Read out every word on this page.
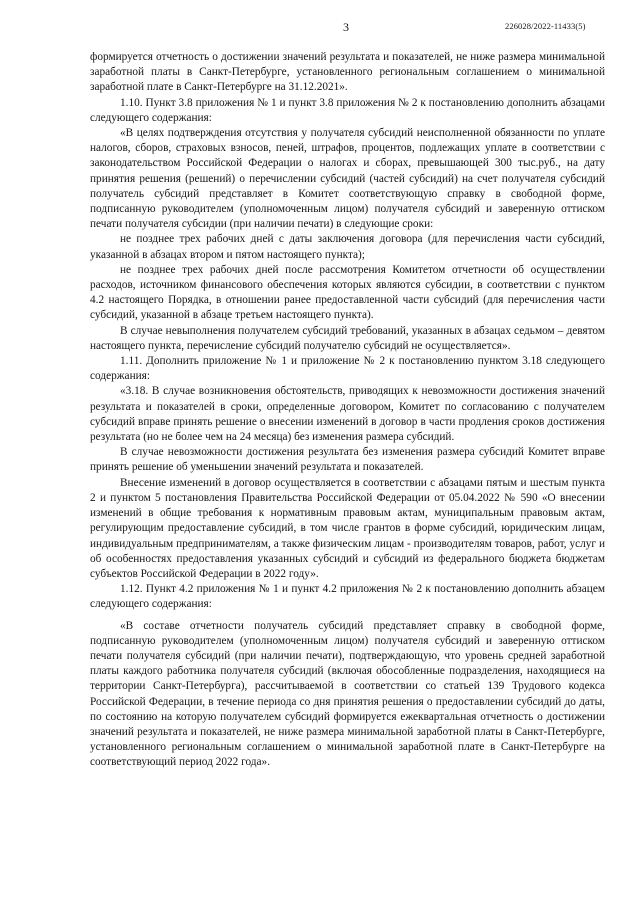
3	226028/2022-11433(5)

формируется отчетность о достижении значений результата и показателей, не ниже размера минимальной заработной платы в Санкт-Петербурге, установленного региональным соглашением о минимальной заработной плате в Санкт-Петербурге на 31.12.2021».

1.10. Пункт 3.8 приложения № 1 и пункт 3.8 приложения № 2 к постановлению дополнить абзацами следующего содержания:

«В целях подтверждения отсутствия у получателя субсидий неисполненной обязанности по уплате налогов, сборов, страховых взносов, пеней, штрафов, процентов, подлежащих уплате в соответствии с законодательством Российской Федерации о налогах и сборах, превышающей 300 тыс.руб., на дату принятия решения (решений) о перечислении субсидий (частей субсидий) на счет получателя субсидий получатель субсидий представляет в Комитет соответствующую справку в свободной форме, подписанную руководителем (уполномоченным лицом) получателя субсидий и заверенную оттиском печати получателя субсидии (при наличии печати) в следующие сроки:

не позднее трех рабочих дней с даты заключения договора (для перечисления части субсидий, указанной в абзацах втором и пятом настоящего пункта);

не позднее трех рабочих дней после рассмотрения Комитетом отчетности об осуществлении расходов, источником финансового обеспечения которых являются субсидии, в соответствии с пунктом 4.2 настоящего Порядка, в отношении ранее предоставленной части субсидий (для перечисления части субсидий, указанной в абзаце третьем настоящего пункта).

В случае невыполнения получателем субсидий требований, указанных в абзацах седьмом – девятом настоящего пункта, перечисление субсидий получателю субсидий не осуществляется».

1.11. Дополнить приложение № 1 и приложение № 2 к постановлению пунктом 3.18 следующего содержания:

«3.18. В случае возникновения обстоятельств, приводящих к невозможности достижения значений результата и показателей в сроки, определенные договором, Комитет по согласованию с получателем субсидий вправе принять решение о внесении изменений в договор в части продления сроков достижения результата (но не более чем на 24 месяца) без изменения размера субсидий.

В случае невозможности достижения результата без изменения размера субсидий Комитет вправе принять решение об уменьшении значений результата и показателей.

Внесение изменений в договор осуществляется в соответствии с абзацами пятым и шестым пункта 2 и пунктом 5 постановления Правительства Российской Федерации от 05.04.2022 № 590 «О внесении изменений в общие требования к нормативным правовым актам, муниципальным правовым актам, регулирующим предоставление субсидий, в том числе грантов в форме субсидий, юридическим лицам, индивидуальным предпринимателям, а также физическим лицам - производителям товаров, работ, услуг и об особенностях предоставления указанных субсидий и субсидий из федерального бюджета бюджетам субъектов Российской Федерации в 2022 году».

1.12. Пункт 4.2 приложения № 1 и пункт 4.2 приложения № 2 к постановлению дополнить абзацем следующего содержания:

«В составе отчетности получатель субсидий представляет справку в свободной форме, подписанную руководителем (уполномоченным лицом) получателя субсидий и заверенную оттиском печати получателя субсидий (при наличии печати), подтверждающую, что уровень средней заработной платы каждого работника получателя субсидий (включая обособленные подразделения, находящиеся на территории Санкт-Петербурга), рассчитываемой в соответствии со статьей 139 Трудового кодекса Российской Федерации, в течение периода со дня принятия решения о предоставлении субсидий до даты, по состоянию на которую получателем субсидий формируется ежеквартальная отчетность о достижении значений результата и показателей, не ниже размера минимальной заработной платы в Санкт-Петербурге, установленного региональным соглашением о минимальной заработной плате в Санкт-Петербурге на соответствующий период 2022 года».
